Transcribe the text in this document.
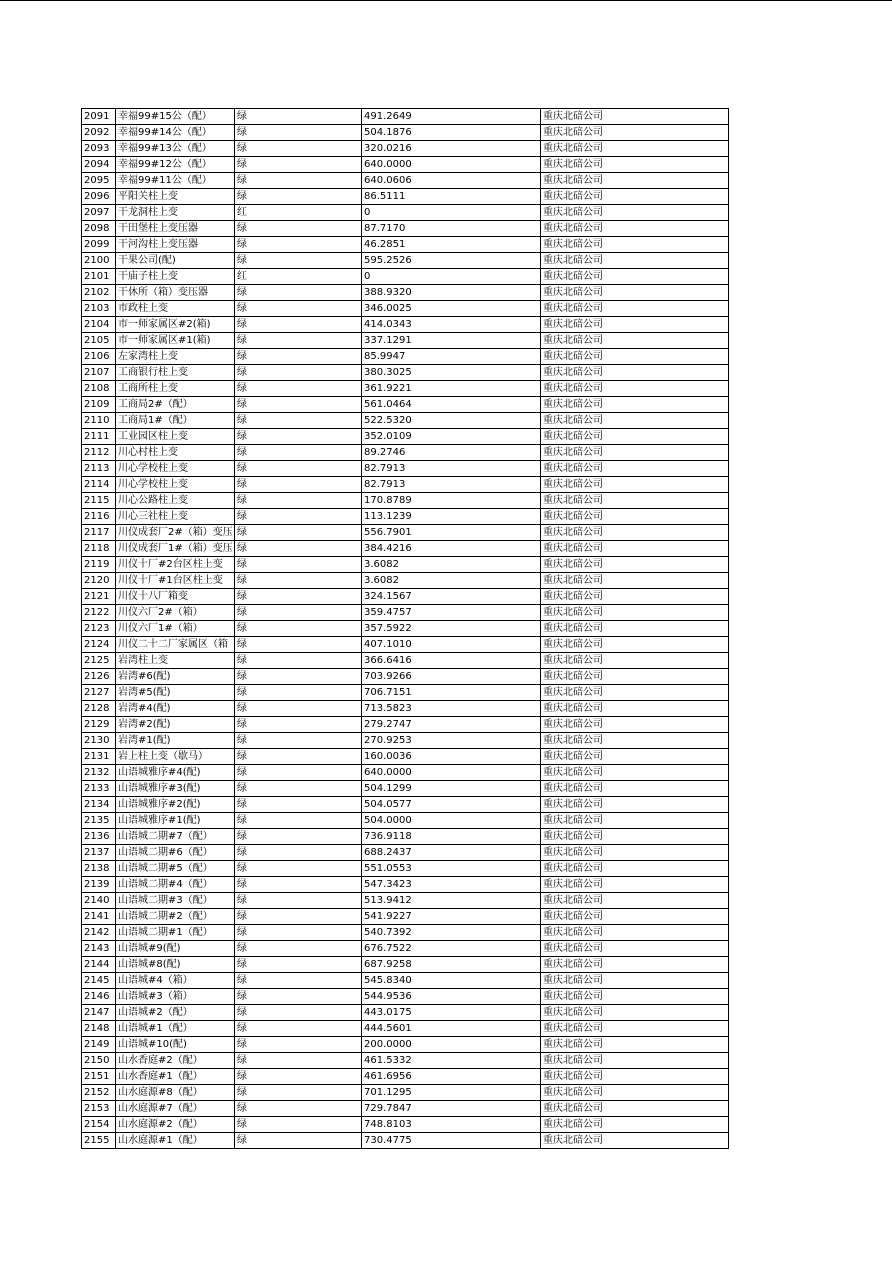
2091	幸福99#15公（配）	绿	491.2649	重庆北碚公司
2092	幸福99#14公（配）	绿	504.1876	重庆北碚公司
2093	幸福99#13公（配）	绿	320.0216	重庆北碚公司
2094	幸福99#12公（配）	绿	640.0000	重庆北碚公司
2095	幸福99#11公（配）	绿	640.0606	重庆北碚公司
2096	平阳关柱上变	绿	86.5111	重庆北碚公司
2097	干龙洞柱上变	红	0	重庆北碚公司
2098	干田堡柱上变压器	绿	87.7170	重庆北碚公司
2099	干河沟柱上变压器	绿	46.2851	重庆北碚公司
2100	干果公司(配)	绿	595.2526	重庆北碚公司
2101	干庙子柱上变	红	0	重庆北碚公司
2102	干休所（箱）变压器	绿	388.9320	重庆北碚公司
2103	市政柱上变	绿	346.0025	重庆北碚公司
2104	市一师家属区#2(箱)	绿	414.0343	重庆北碚公司
2105	市一师家属区#1(箱)	绿	337.1291	重庆北碚公司
2106	左家湾柱上变	绿	85.9947	重庆北碚公司
2107	工商银行柱上变	绿	380.3025	重庆北碚公司
2108	工商所柱上变	绿	361.9221	重庆北碚公司
2109	工商局2#（配）	绿	561.0464	重庆北碚公司
2110	工商局1#（配）	绿	522.5320	重庆北碚公司
2111	工业园区柱上变	绿	352.0109	重庆北碚公司
2112	川心村柱上变	绿	89.2746	重庆北碚公司
2113	川心学校柱上变	绿	82.7913	重庆北碚公司
2114	川心学校柱上变	绿	82.7913	重庆北碚公司
2115	川心公路柱上变	绿	170.8789	重庆北碚公司
2116	川心三社柱上变	绿	113.1239	重庆北碚公司
2117	川仪成套厂2#（箱）变压	绿	556.7901	重庆北碚公司
2118	川仪成套厂1#（箱）变压	绿	384.4216	重庆北碚公司
2119	川仪十厂#2台区柱上变	绿	3.6082	重庆北碚公司
2120	川仪十厂#1台区柱上变	绿	3.6082	重庆北碚公司
2121	川仪十八厂箱变	绿	324.1567	重庆北碚公司
2122	川仪六厂2#（箱）	绿	359.4757	重庆北碚公司
2123	川仪六厂1#（箱）	绿	357.5922	重庆北碚公司
2124	川仪二十二厂家属区（箱	绿	407.1010	重庆北碚公司
2125	岩湾柱上变	绿	366.6416	重庆北碚公司
2126	岩湾#6(配)	绿	703.9266	重庆北碚公司
2127	岩湾#5(配)	绿	706.7151	重庆北碚公司
2128	岩湾#4(配)	绿	713.5823	重庆北碚公司
2129	岩湾#2(配)	绿	279.2747	重庆北碚公司
2130	岩湾#1(配)	绿	270.9253	重庆北碚公司
2131	岩上柱上变（歇马）	绿	160.0036	重庆北碚公司
2132	山语城雅序#4(配)	绿	640.0000	重庆北碚公司
2133	山语城雅序#3(配)	绿	504.1299	重庆北碚公司
2134	山语城雅序#2(配)	绿	504.0577	重庆北碚公司
2135	山语城雅序#1(配)	绿	504.0000	重庆北碚公司
2136	山语城二期#7（配）	绿	736.9118	重庆北碚公司
2137	山语城二期#6（配）	绿	688.2437	重庆北碚公司
2138	山语城二期#5（配）	绿	551.0553	重庆北碚公司
2139	山语城二期#4（配）	绿	547.3423	重庆北碚公司
2140	山语城二期#3（配）	绿	513.9412	重庆北碚公司
2141	山语城二期#2（配）	绿	541.9227	重庆北碚公司
2142	山语城二期#1（配）	绿	540.7392	重庆北碚公司
2143	山语城#9(配)	绿	676.7522	重庆北碚公司
2144	山语城#8(配)	绿	687.9258	重庆北碚公司
2145	山语城#4（箱）	绿	545.8340	重庆北碚公司
2146	山语城#3（箱）	绿	544.9536	重庆北碚公司
2147	山语城#2（配）	绿	443.0175	重庆北碚公司
2148	山语城#1（配）	绿	444.5601	重庆北碚公司
2149	山语城#10(配)	绿	200.0000	重庆北碚公司
2150	山水香庭#2（配）	绿	461.5332	重庆北碚公司
2151	山水香庭#1（配）	绿	461.6956	重庆北碚公司
2152	山水庭源#8（配）	绿	701.1295	重庆北碚公司
2153	山水庭源#7（配）	绿	729.7847	重庆北碚公司
2154	山水庭源#2（配）	绿	748.8103	重庆北碚公司
2155	山水庭源#1（配）	绿	730.4775	重庆北碚公司
